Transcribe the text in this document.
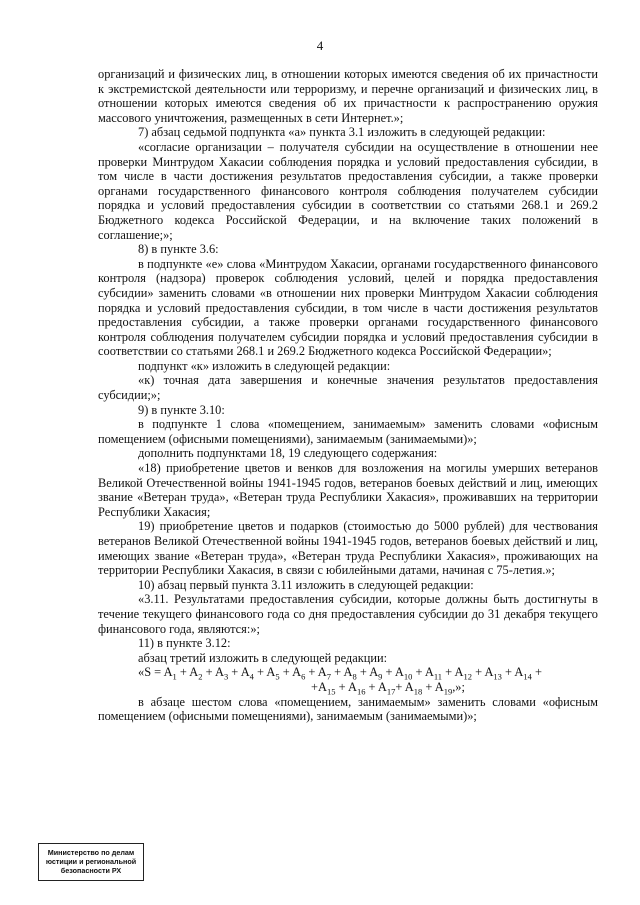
4

организаций и физических лиц, в отношении которых имеются сведения об их причастности к экстремистской деятельности или терроризму, и перечне организаций и физических лиц, в отношении которых имеются сведения об их причастности к распространению оружия массового уничтожения, размещенных в сети Интернет.»;

7) абзац седьмой подпункта «а» пункта 3.1 изложить в следующей редакции:

«согласие организации – получателя субсидии на осуществление в отношении нее проверки Минтрудом Хакасии соблюдения порядка и условий предоставления субсидии, в том числе в части достижения результатов предоставления субсидии, а также проверки органами государственного финансового контроля соблюдения получателем субсидии порядка и условий предоставления субсидии в соответствии со статьями 268.1 и 269.2 Бюджетного кодекса Российской Федерации, и на включение таких положений в соглашение;»;

8) в пункте 3.6:

в подпункте «е» слова «Минтрудом Хакасии, органами государственного финансового контроля (надзора) проверок соблюдения условий, целей и порядка предоставления субсидии» заменить словами «в отношении них проверки Минтрудом Хакасии соблюдения порядка и условий предоставления субсидии, в том числе в части достижения результатов предоставления субсидии, а также проверки органами государственного финансового контроля соблюдения получателем субсидии порядка и условий предоставления субсидии в соответствии со статьями 268.1 и 269.2 Бюджетного кодекса Российской Федерации»;

подпункт «к» изложить в следующей редакции:

«к) точная дата завершения и конечные значения результатов предоставления субсидии;»;

9) в пункте 3.10:

в подпункте 1 слова «помещением, занимаемым» заменить словами «офисным помещением (офисными помещениями), занимаемым (занимаемыми)»;

дополнить подпунктами 18, 19 следующего содержания:

«18) приобретение цветов и венков для возложения на могилы умерших ветеранов Великой Отечественной войны 1941-1945 годов, ветеранов боевых действий и лиц, имеющих звание «Ветеран труда», «Ветеран труда Республики Хакасия», проживавших на территории Республики Хакасия;

19) приобретение цветов и подарков (стоимостью до 5000 рублей) для чествования ветеранов Великой Отечественной войны 1941-1945 годов, ветеранов боевых действий и лиц, имеющих звание «Ветеран труда», «Ветеран труда Республики Хакасия», проживающих на территории Республики Хакасия, в связи с юбилейными датами, начиная с 75-летия.»;

10) абзац первый пункта 3.11 изложить в следующей редакции:

«3.11. Результатами предоставления субсидии, которые должны быть достигнуты в течение текущего финансового года со дня предоставления субсидии до 31 декабря текущего финансового года, являются:»;

11) в пункте 3.12:

абзац третий изложить в следующей редакции:

«$S = A_1 + A_2 + A_3 + A_4 + A_5 + A_6 + A_7 + A_8 + A_9 + A_{10} + A_{11} + A_{12} + A_{13} + A_{14}$ +

$+A_{15} + A_{16} + A_{17}+ A_{18} + A_{19}$,»;

в абзаце шестом слова «помещением, занимаемым» заменить словами «офисным помещением (офисными помещениями), занимаемым (занимаемыми)»;

Министерство по делам юстиции и региональной безопасности РХ
